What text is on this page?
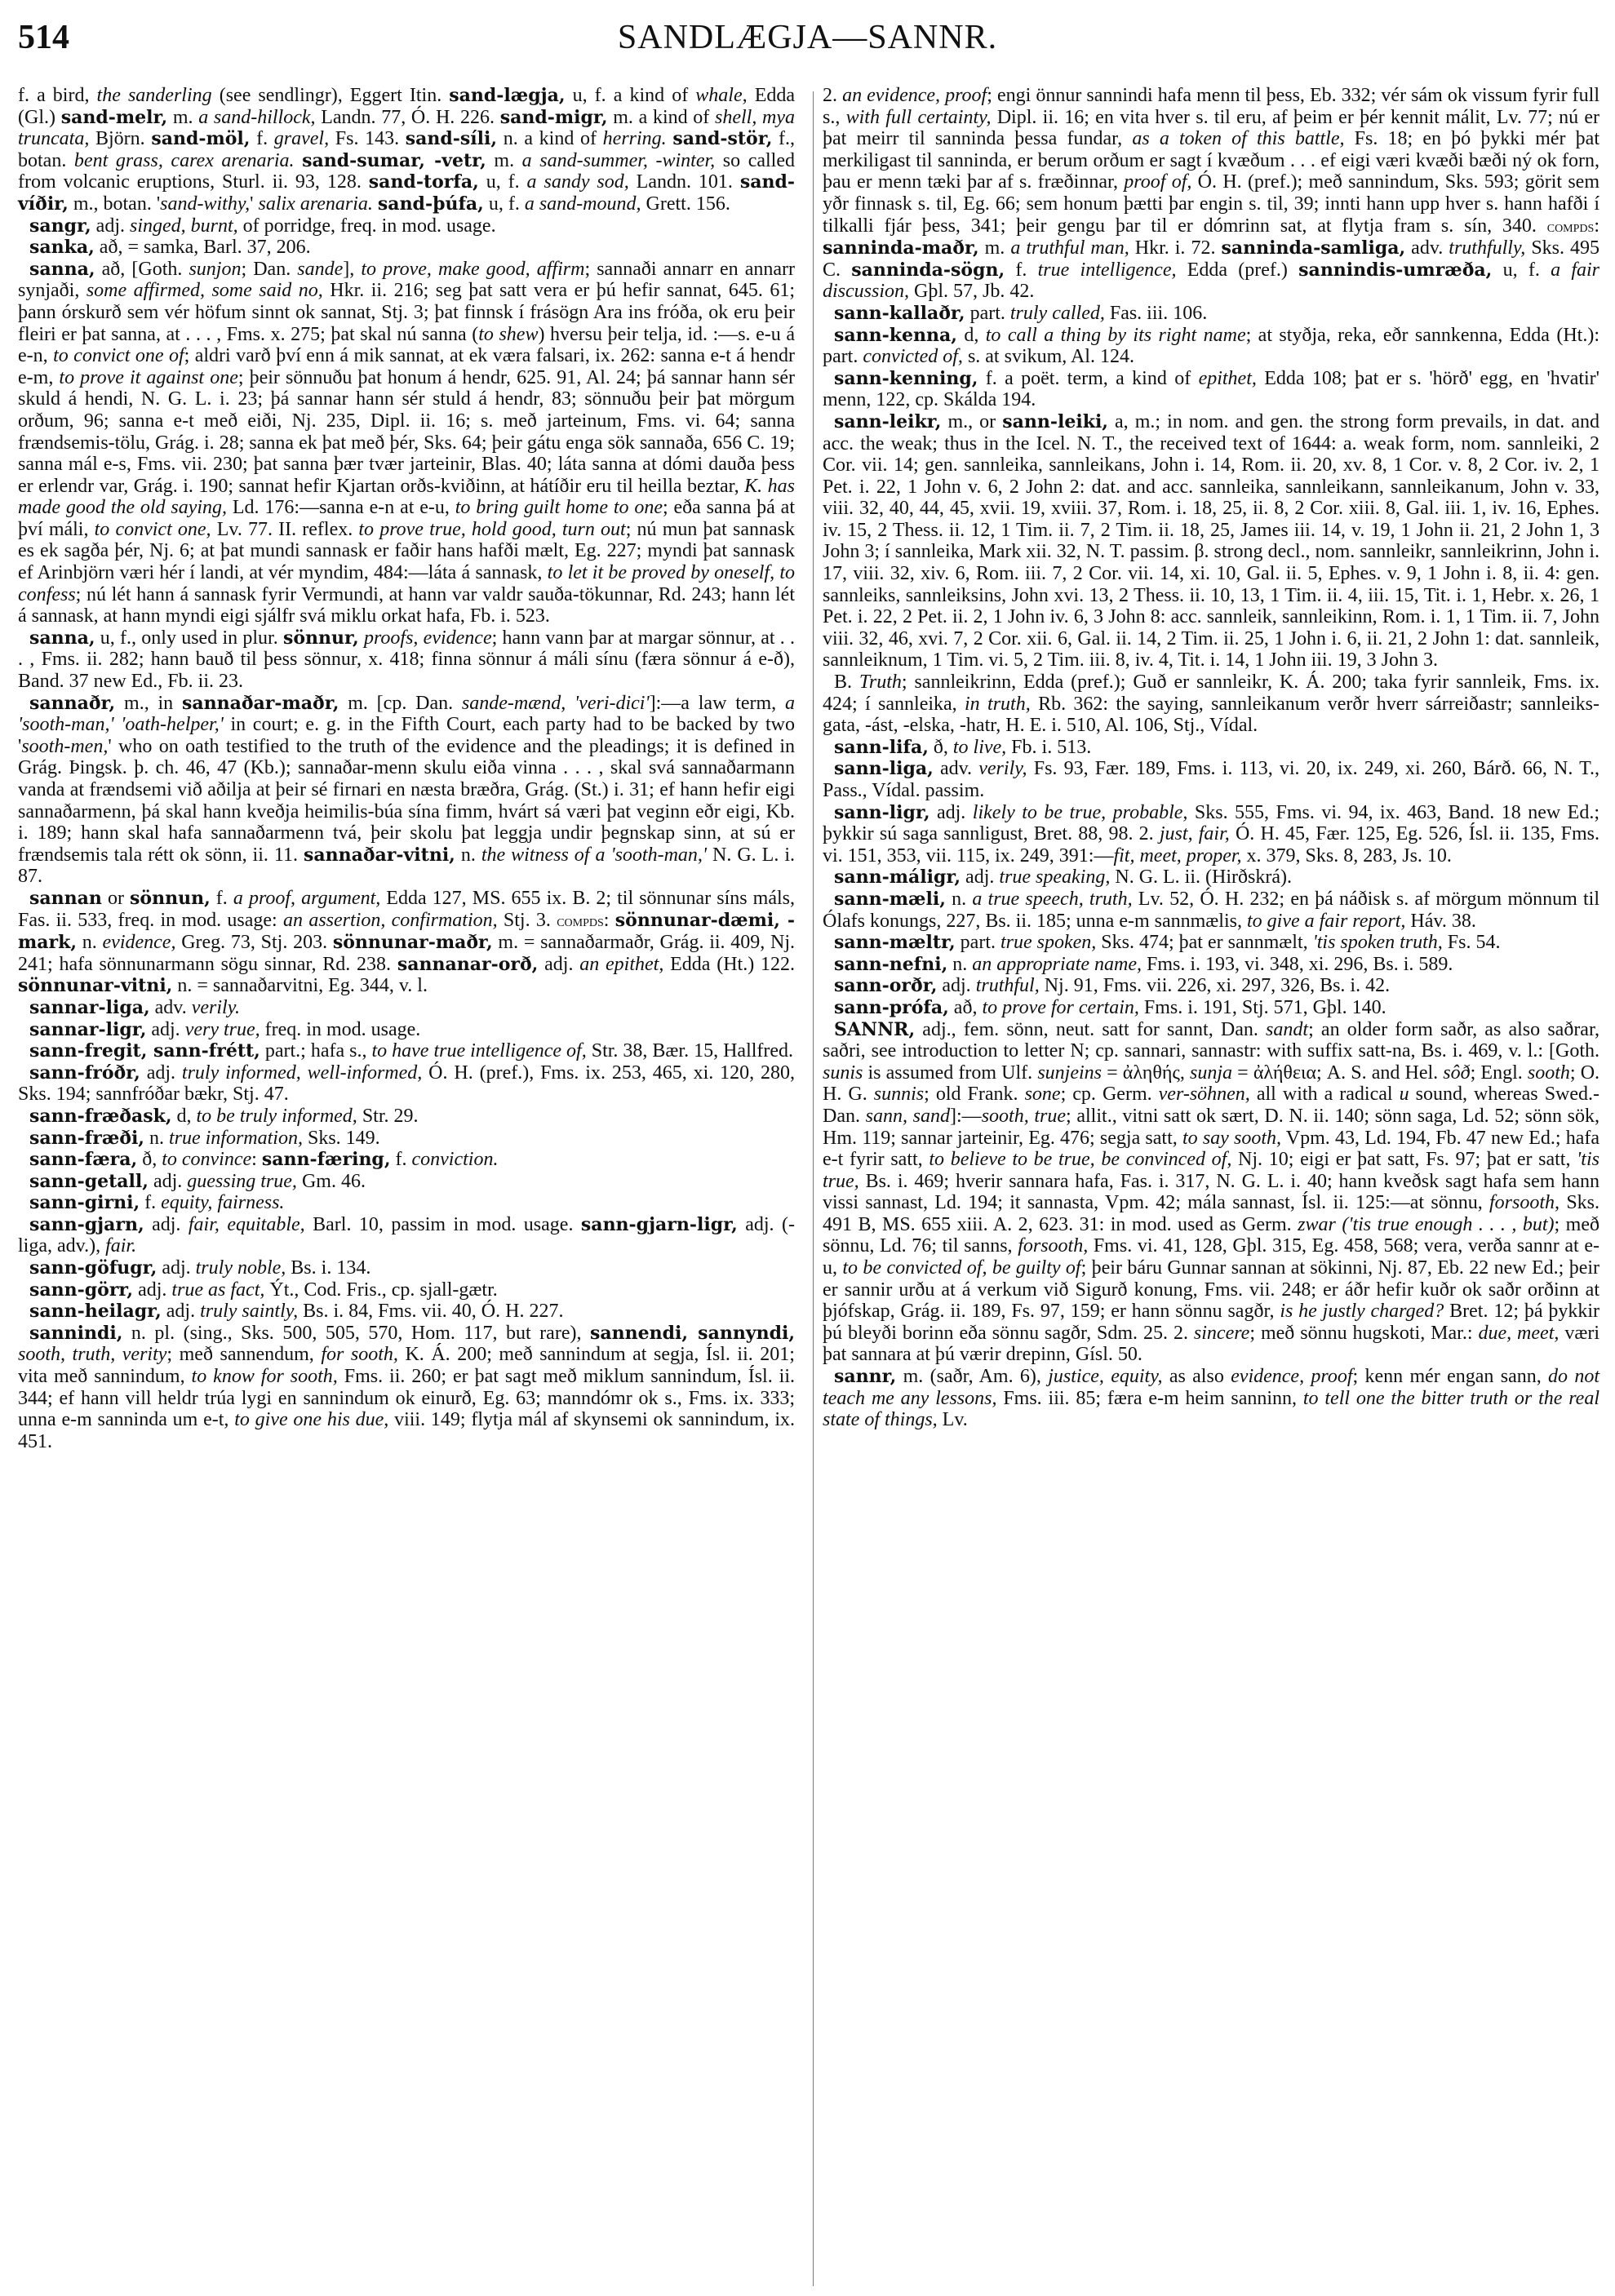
514	SANDLÆGJA—SANNR.

f. a bird, the sanderling (see sendlingr), Eggert Itin. sand-lægja, u, f. a kind of whale, Edda (Gl.) sand-melr, m. a sand-hillock, Landn. 77, Ó. H. 226. sand-migr, m. a kind of shell, mya truncata, Björn. sand-möl, f. gravel, Fs. 143. sand-síli, n. a kind of herring. sand-stör, f., botan. bent grass, carex arenaria. sand-sumar, -vetr, m. a sand-summer, -winter, so called from volcanic eruptions, Sturl. ii. 93, 128. sand-torfa, u, f. a sandy sod, Landn. 101. sand-víðir, m., botan. 'sand-withy,' salix arenaria. sand-þúfa, u, f. a sand-mound, Grett. 156.

sangr, adj. singed, burnt, of porridge, freq. in mod. usage.

sanka, að, = samka, Barl. 37, 206.

sanna, að, [Goth. sunjon; Dan. sande], to prove, make good, affirm; sannaði annarr en annarr synjaði, some affirmed, some said no, Hkr. ii. 216; seg þat satt vera er þú hefir sannat, 645. 61; þann órskurð sem vér höfum sinnt ok sannat, Stj. 3; þat finnsk í frásögn Ara ins fróða, ok eru þeir fleiri er þat sanna, at . . . , Fms. x. 275; þat skal nú sanna (to shew) hversu þeir telja, id. :—s. e-u á e-n, to convict one of; aldri varð því enn á mik sannat, at ek væra falsari, ix. 262: sanna e-t á hendr e-m, to prove it against one; þeir sönnuðu þat honum á hendr, 625. 91, Al. 24; þá sannar hann sér skuld á hendi, N. G. L. i. 23; þá sannar hann sér stuld á hendr, 83; sönnuðu þeir þat mörgum orðum, 96; sanna e-t með eiði, Nj. 235, Dipl. ii. 16; s. með jarteinum, Fms. vi. 64; sanna frændsemis-tölu, Grág. i. 28; sanna ek þat með þér, Sks. 64; þeir gátu enga sök sannaða, 656 C. 19; sanna mál e-s, Fms. vii. 230; þat sanna þær tvær jarteinir, Blas. 40; láta sanna at dómi dauða þess er erlendr var, Grág. i. 190; sannat hefir Kjartan orðs-kviðinn, at hátíðir eru til heilla beztar, K. has made good the old saying, Ld. 176:—sanna e-n at e-u, to bring guilt home to one; eða sanna þá at því máli, to convict one, Lv. 77. II. reflex. to prove true, hold good, turn out; nú mun þat sannask es ek sagða þér, Nj. 6; at þat mundi sannask er faðir hans hafði mælt, Eg. 227; myndi þat sannask ef Arinbjörn væri hér í landi, at vér myndim, 484:—láta á sannask, to let it be proved by oneself, to confess; nú lét hann á sannask fyrir Vermundi, at hann var valdr sauða-tökunnar, Rd. 243; hann lét á sannask, at hann myndi eigi sjálfr svá miklu orkat hafa, Fb. i. 523.

sanna, u, f., only used in plur. sönnur, proofs, evidence; hann vann þar at margar sönnur, at . . . , Fms. ii. 282; hann bauð til þess sönnur, x. 418; finna sönnur á máli sínu (færa sönnur á e-ð), Band. 37 new Ed., Fb. ii. 23.

sannaðr, m., in sannaðar-maðr, m. [cp. Dan. sande-mænd, 'veri-dici']:—a law term, a 'sooth-man,' 'oath-helper,' in court; e. g. in the Fifth Court, each party had to be backed by two 'sooth-men,' who on oath testified to the truth of the evidence and the pleadings; it is defined in Grág. Þingsk. þ. ch. 46, 47 (Kb.); sannaðar-menn skulu eiða vinna . . . , skal svá sannaðarmann vanda at frændsemi við aðilja at þeir sé firnari en næsta bræðra, Grág. (St.) i. 31; ef hann hefir eigi sannaðarmenn, þá skal hann kveðja heimilis-búa sína fimm, hvárt sá væri þat veginn eðr eigi, Kb. i. 189; hann skal hafa sannaðarmenn tvá, þeir skolu þat leggja undir þegnskap sinn, at sú er frændsemis tala rétt ok sönn, ii. 11. sannaðar-vitni, n. the witness of a 'sooth-man,' N. G. L. i. 87.

sannan or sönnun, f. a proof, argument, Edda 127, MS. 655 ix. B. 2; til sönnunar síns máls, Fas. ii. 533, freq. in mod. usage: an assertion, confirmation, Stj. 3. compds: sönnunar-dæmi, -mark, n. evidence, Greg. 73, Stj. 203. sönnunar-maðr, m. = sannaðarmaðr, Grág. ii. 409, Nj. 241; hafa sönnunarmann sögu sinnar, Rd. 238. sannanar-orð, adj. an epithet, Edda (Ht.) 122. sönnunar-vitni, n. = sannaðarvitni, Eg. 344, v. l.

sannar-liga, adv. verily.

sannar-ligr, adj. very true, freq. in mod. usage.

sann-fregit, sann-frétt, part.; hafa s., to have true intelligence of, Str. 38, Bær. 15, Hallfred.

sann-fróðr, adj. truly informed, well-informed, Ó. H. (pref.), Fms. ix. 253, 465, xi. 120, 280, Sks. 194; sannfróðar bækr, Stj. 47.

sann-fræðask, d, to be truly informed, Str. 29.

sann-fræði, n. true information, Sks. 149.

sann-færa, ð, to convince: sann-færing, f. conviction.

sann-getall, adj. guessing true, Gm. 46.

sann-girni, f. equity, fairness.

sann-gjarn, adj. fair, equitable, Barl. 10, passim in mod. usage. sann-gjarn-ligr, adj. (-liga, adv.), fair.

sann-göfugr, adj. truly noble, Bs. i. 134.

sann-görr, adj. true as fact, Ýt., Cod. Fris., cp. sjall-gætr.

sann-heilagr, adj. truly saintly, Bs. i. 84, Fms. vii. 40, Ó. H. 227.

sannindi, n. pl. (sing., Sks. 500, 505, 570, Hom. 117, but rare), sannendi, sannyndi, sooth, truth, verity; með sannendum, for sooth, K. Á. 200; með sannindum at segja, Ísl. ii. 201; vita með sannindum, to know for sooth, Fms. ii. 260; er þat sagt með miklum sannindum, Ísl. ii. 344; ef hann vill heldr trúa lygi en sannindum ok einurð, Eg. 63; manndómr ok s., Fms. ix. 333; unna e-m sanninda um e-t, to give one his due, viii. 149; flytja mál af skynsemi ok sannindum, ix. 451.

2. an evidence, proof; engi önnur sannindi hafa menn til þess, Eb. 332; vér sám ok vissum fyrir full s., with full certainty, Dipl. ii. 16; en vita hver s. til eru, af þeim er þér kennit málit, Lv. 77; nú er þat meirr til sanninda þessa fundar, as a token of this battle, Fs. 18; en þó þykki mér þat merkiligast til sanninda, er berum orðum er sagt í kvæðum . . . ef eigi væri kvæði bæði ný ok forn, þau er menn tæki þar af s. fræðinnar, proof of, Ó. H. (pref.); með sannindum, Sks. 593; görit sem yðr finnask s. til, Eg. 66; sem honum þætti þar engin s. til, 39; innti hann upp hver s. hann hafði í tilkalli fjár þess, 341; þeir gengu þar til er dómrinn sat, at flytja fram s. sín, 340. compds: sanninda-maðr, m. a truthful man, Hkr. i. 72. sanninda-samliga, adv. truthfully, Sks. 495 C. sanninda-sögn, f. true intelligence, Edda (pref.) sannindis-umræða, u, f. a fair discussion, Gþl. 57, Jb. 42.

sann-kallaðr, part. truly called, Fas. iii. 106.

sann-kenna, d, to call a thing by its right name; at styðja, reka, eðr sannkenna, Edda (Ht.): part. convicted of, s. at svikum, Al. 124.

sann-kenning, f. a poët. term, a kind of epithet, Edda 108; þat er s. 'hörð' egg, en 'hvatir' menn, 122, cp. Skálda 194.

sann-leikr, m., or sann-leiki, a, m.; in nom. and gen. the strong form prevails, in dat. and acc. the weak; thus in the Icel. N. T., the received text of 1644: a. weak form, nom. sannleiki, 2 Cor. vii. 14; gen. sannleika, sannleikans, John i. 14, Rom. ii. 20, xv. 8, 1 Cor. v. 8, 2 Cor. iv. 2, 1 Pet. i. 22, 1 John v. 6, 2 John 2: dat. and acc. sannleika, sannleikann, sannleikanum, John v. 33, viii. 32, 40, 44, 45, xvii. 19, xviii. 37, Rom. i. 18, 25, ii. 8, 2 Cor. xiii. 8, Gal. iii. 1, iv. 16, Ephes. iv. 15, 2 Thess. ii. 12, 1 Tim. ii. 7, 2 Tim. ii. 18, 25, James iii. 14, v. 19, 1 John ii. 21, 2 John 1, 3 John 3; í sannleika, Mark xii. 32, N. T. passim. β. strong decl., nom. sannleikr, sannleikrinn, John i. 17, viii. 32, xiv. 6, Rom. iii. 7, 2 Cor. vii. 14, xi. 10, Gal. ii. 5, Ephes. v. 9, 1 John i. 8, ii. 4: gen. sannleiks, sannleiksins, John xvi. 13, 2 Thess. ii. 10, 13, 1 Tim. ii. 4, iii. 15, Tit. i. 1, Hebr. x. 26, 1 Pet. i. 22, 2 Pet. ii. 2, 1 John iv. 6, 3 John 8: acc. sannleik, sannleikinn, Rom. i. 1, 1 Tim. ii. 7, John viii. 32, 46, xvi. 7, 2 Cor. xii. 6, Gal. ii. 14, 2 Tim. ii. 25, 1 John i. 6, ii. 21, 2 John 1: dat. sannleik, sannleiknum, 1 Tim. vi. 5, 2 Tim. iii. 8, iv. 4, Tit. i. 14, 1 John iii. 19, 3 John 3.

B. Truth; sannleikrinn, Edda (pref.); Guð er sannleikr, K. Á. 200; taka fyrir sannleik, Fms. ix. 424; í sannleika, in truth, Rb. 362: the saying, sannleikanum verðr hverr sárreiðastr; sannleiks-gata, -ást, -elska, -hatr, H. E. i. 510, Al. 106, Stj., Vídal.

sann-lifa, ð, to live, Fb. i. 513.

sann-liga, adv. verily, Fs. 93, Fær. 189, Fms. i. 113, vi. 20, ix. 249, xi. 260, Bárð. 66, N. T., Pass., Vídal. passim.

sann-ligr, adj. likely to be true, probable, Sks. 555, Fms. vi. 94, ix. 463, Band. 18 new Ed.; þykkir sú saga sannligust, Bret. 88, 98. 2. just, fair, Ó. H. 45, Fær. 125, Eg. 526, Ísl. ii. 135, Fms. vi. 151, 353, vii. 115, ix. 249, 391:—fit, meet, proper, x. 379, Sks. 8, 283, Js. 10.

sann-máligr, adj. true speaking, N. G. L. ii. (Hirðskrá).

sann-mæli, n. a true speech, truth, Lv. 52, Ó. H. 232; en þá náðisk s. af mörgum mönnum til Ólafs konungs, 227, Bs. ii. 185; unna e-m sannmælis, to give a fair report, Háv. 38.

sann-mæltr, part. true spoken, Sks. 474; þat er sannmælt, 'tis spoken truth, Fs. 54.

sann-nefni, n. an appropriate name, Fms. i. 193, vi. 348, xi. 296, Bs. i. 589.

sann-orðr, adj. truthful, Nj. 91, Fms. vii. 226, xi. 297, 326, Bs. i. 42.

sann-prófa, að, to prove for certain, Fms. i. 191, Stj. 571, Gþl. 140.

SANNR, adj., fem. sönn, neut. satt for sannt, Dan. sandt; an older form saðr, as also saðrar, saðri, see introduction to letter N; cp. sannari, sannastr: with suffix satt-na, Bs. i. 469, v. l.: [Goth. sunis is assumed from Ulf. sunjeins = ἀληθής, sunja = ἀλήθεια; A. S. and Hel. sôð; Engl. sooth; O. H. G. sunnis; old Frank. sone; cp. Germ. ver-söhnen, all with a radical u sound, whereas Swed.-Dan. sann, sand]:—sooth, true; allit., vitni satt ok sært, D. N. ii. 140; sönn saga, Ld. 52; sönn sök, Hm. 119; sannar jarteinir, Eg. 476; segja satt, to say sooth, Vpm. 43, Ld. 194, Fb. 47 new Ed.; hafa e-t fyrir satt, to believe to be true, be convinced of, Nj. 10; eigi er þat satt, Fs. 97; þat er satt, 'tis true, Bs. i. 469; hverir sannara hafa, Fas. i. 317, N. G. L. i. 40; hann kveðsk sagt hafa sem hann vissi sannast, Ld. 194; it sannasta, Vpm. 42; mála sannast, Ísl. ii. 125:—at sönnu, forsooth, Sks. 491 B, MS. 655 xiii. A. 2, 623. 31: in mod. used as Germ. zwar ('tis true enough . . . , but); með sönnu, Ld. 76; til sanns, forsooth, Fms. vi. 41, 128, Gþl. 315, Eg. 458, 568; vera, verða sannr at e-u, to be convicted of, be guilty of; þeir báru Gunnar sannan at sökinni, Nj. 87, Eb. 22 new Ed.; þeir er sannir urðu at á verkum við Sigurð konung, Fms. vii. 248; er áðr hefir kuðr ok saðr orðinn at þjófskap, Grág. ii. 189, Fs. 97, 159; er hann sönnu sagðr, is he justly charged? Bret. 12; þá þykkir þú bleyði borinn eða sönnu sagðr, Sdm. 25. 2. sincere; með sönnu hugskoti, Mar.: due, meet, væri þat sannara at þú værir drepinn, Gísl. 50.

sannr, m. (saðr, Am. 6), justice, equity, as also evidence, proof; kenn mér engan sann, do not teach me any lessons, Fms. iii. 85; færa e-m heim sanninn, to tell one the bitter truth or the real state of things, Lv.
